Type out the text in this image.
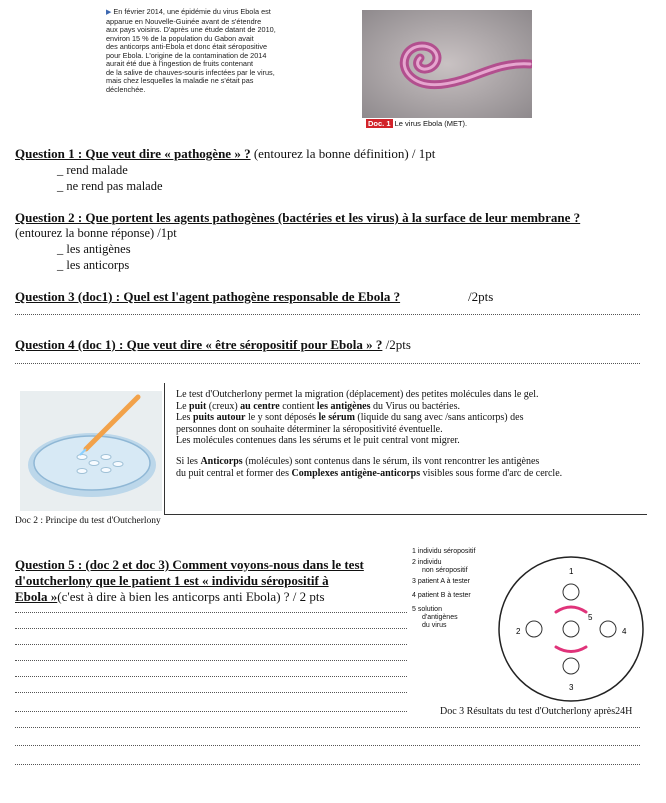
▶ En février 2014, une épidémie du virus Ebola est
apparue en Nouvelle-Guinée avant de s'étendre
aux pays voisins. D'après une étude datant de 2010,
environ 15 % de la population du Gabon avait
des anticorps anti-Ebola et donc était séropositive
pour Ebola. L'origine de la contamination de 2014
aurait été due à l'ingestion de fruits contenant
de la salive de chauves-souris infectées par le virus,
mais chez lesquelles la maladie ne s'était pas
déclenchée.
Doc. 1 Le virus Ebola (MET).
Question 1 : Que veut dire « pathogène » ? (entourez la bonne définition) / 1pt
_ rend malade
_ ne rend pas malade
Question 2 : Que portent les agents pathogènes (bactéries et les virus) à la surface de leur membrane ?
(entourez la bonne réponse) /1pt
_ les antigènes
_ les anticorps
Question 3 (doc1) : Quel est l'agent pathogène responsable de Ebola ?	/2pts
Question 4 (doc 1) : Que veut dire « être séropositif pour Ebola » ? /2pts
Le test d'Outcherlony permet la migration (déplacement) des petites molécules dans le gel.
Le puit (creux) au centre contient les antigènes du Virus ou bactéries.
Les puits autour le y sont déposés le sérum (liquide du sang avec /sans anticorps) des
personnes dont on souhaite déterminer la séropositivité éventuelle.
Les molécules contenues dans les sérums et le puit central vont migrer.
Si les Anticorps (molécules) sont contenus dans le sérum, ils vont rencontrer les antigènes
du puit central et former des Complexes antigène-anticorps visibles sous forme d'arc de cercle.
Doc 2 : Principe du test d'Outcherlony
Question 5 : (doc 2 et doc 3) Comment voyons-nous dans le test
d'outcherlony que le patient 1 est « individu séropositif à
Ebola »(c'est à dire à bien les anticorps anti Ebola) ? / 2 pts
1 individu séropositif
2 individu
non séropositif
3 patient A à tester
4 patient B à tester
5 solution
d'antigènes
du virus
1
2
5
4
3
Doc 3 Résultats du test d'Outcherlony après24H
